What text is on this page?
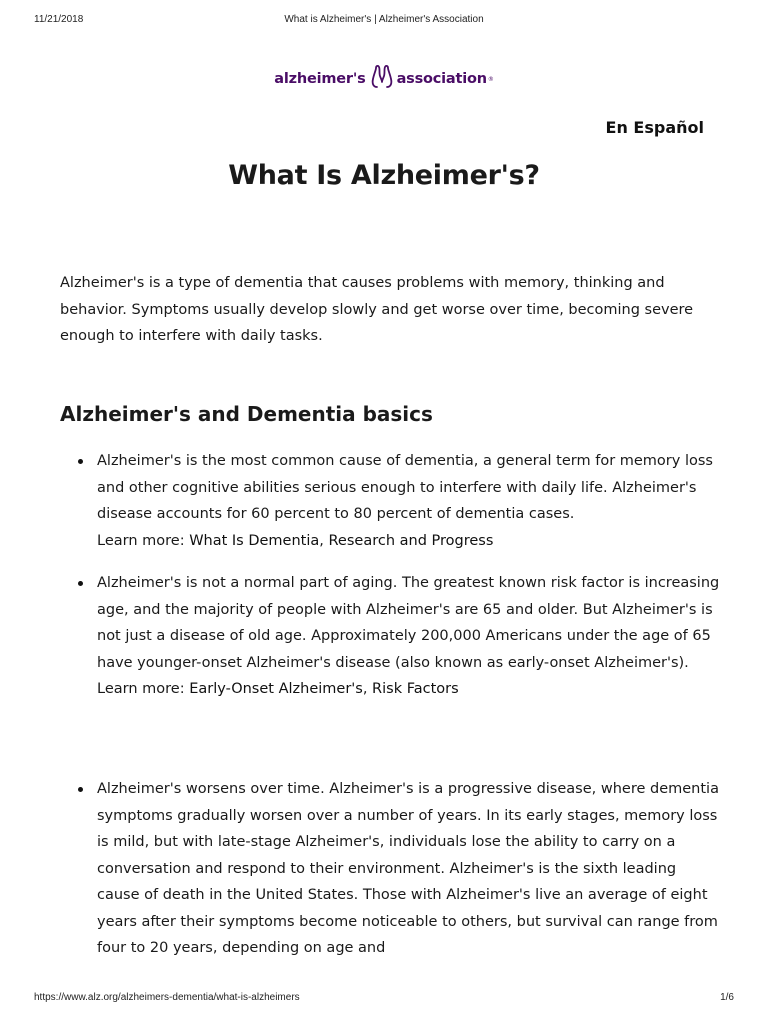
11/21/2018	What is Alzheimer's | Alzheimer's Association
alzheimer's association ®
En Español
What Is Alzheimer's?

Alzheimer's is a type of dementia that causes problems with memory, thinking and behavior. Symptoms usually develop slowly and get worse over time, becoming severe enough to interfere with daily tasks.

Alzheimer's and Dementia basics
Alzheimer's is the most common cause of dementia, a general term for memory loss and other cognitive abilities serious enough to interfere with daily life. Alzheimer's disease accounts for 60 percent to 80 percent of dementia cases.
Learn more: What Is Dementia, Research and Progress
Alzheimer's is not a normal part of aging. The greatest known risk factor is increasing age, and the majority of people with Alzheimer's are 65 and older. But Alzheimer's is not just a disease of old age. Approximately 200,000 Americans under the age of 65 have younger-onset Alzheimer's disease (also known as early-onset Alzheimer's).
Learn more: Early-Onset Alzheimer's, Risk Factors
Alzheimer's worsens over time. Alzheimer's is a progressive disease, where dementia symptoms gradually worsen over a number of years. In its early stages, memory loss is mild, but with late-stage Alzheimer's, individuals lose the ability to carry on a conversation and respond to their environment. Alzheimer's is the sixth leading cause of death in the United States. Those with Alzheimer's live an average of eight years after their symptoms become noticeable to others, but survival can range from four to 20 years, depending on age and
https://www.alz.org/alzheimers-dementia/what-is-alzheimers	1/6
